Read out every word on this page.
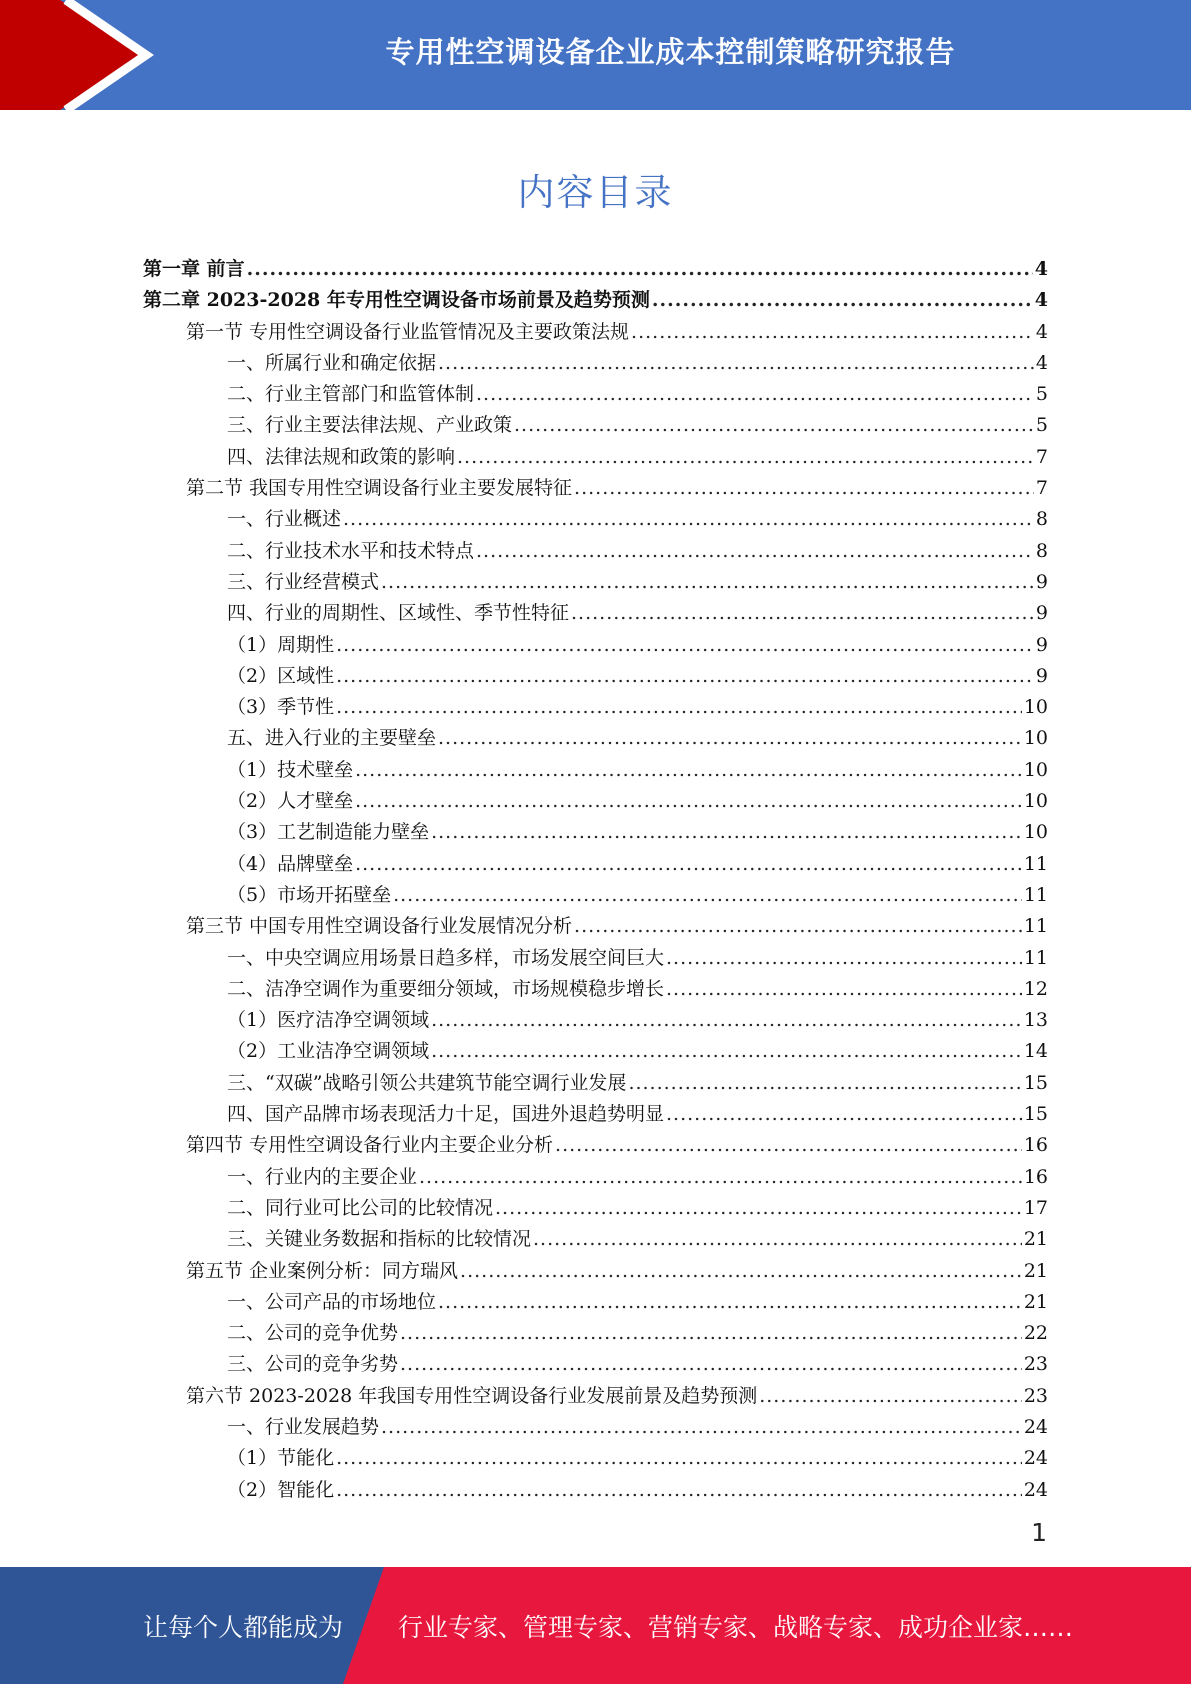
专用性空调设备企业成本控制策略研究报告
内容目录
第一章 前言 .....	4
第二章 2023-2028 年专用性空调设备市场前景及趋势预测 .....	4
第一节 专用性空调设备行业监管情况及主要政策法规 .....	4
一、所属行业和确定依据 .....	4
二、行业主管部门和监管体制 .....	5
三、行业主要法律法规、产业政策 .....	5
四、法律法规和政策的影响 .....	7
第二节 我国专用性空调设备行业主要发展特征 .....	7
一、行业概述 .....	8
二、行业技术水平和技术特点 .....	8
三、行业经营模式 .....	9
四、行业的周期性、区域性、季节性特征 .....	9
（1）周期性 .....	9
（2）区域性 .....	9
（3）季节性 .....	10
五、进入行业的主要壁垒 .....	10
（1）技术壁垒 .....	10
（2）人才壁垒 .....	10
（3）工艺制造能力壁垒 .....	10
（4）品牌壁垒 .....	11
（5）市场开拓壁垒 .....	11
第三节 中国专用性空调设备行业发展情况分析 .....	11
一、中央空调应用场景日趋多样，市场发展空间巨大 .....	11
二、洁净空调作为重要细分领域，市场规模稳步增长 .....	12
（1）医疗洁净空调领域 .....	13
（2）工业洁净空调领域 .....	14
三、“双碳”战略引领公共建筑节能空调行业发展 .....	15
四、国产品牌市场表现活力十足，国进外退趋势明显 .....	15
第四节 专用性空调设备行业内主要企业分析 .....	16
一、行业内的主要企业 .....	16
二、同行业可比公司的比较情况 .....	17
三、关键业务数据和指标的比较情况 .....	21
第五节 企业案例分析：同方瑞风 .....	21
一、公司产品的市场地位 .....	21
二、公司的竞争优势 .....	22
三、公司的竞争劣势 .....	23
第六节 2023-2028 年我国专用性空调设备行业发展前景及趋势预测 .....	23
一、行业发展趋势 .....	24
（1）节能化 .....	24
（2）智能化 .....	24
1
让每个人都能成为 行业专家、管理专家、营销专家、战略专家、成功企业家……
